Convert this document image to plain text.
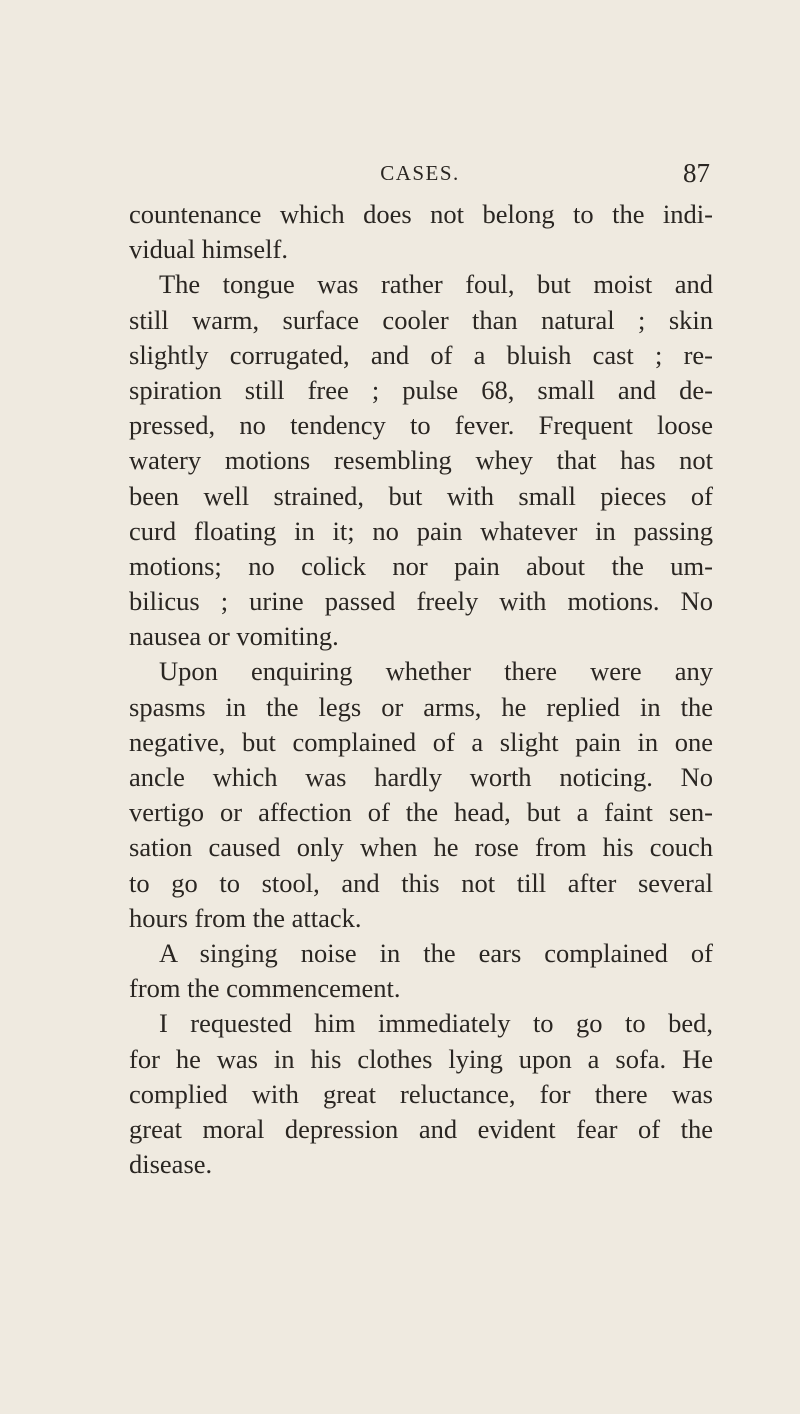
CASES.	87
countenance which does not belong to the indi-
vidual himself.
The tongue was rather foul, but moist and
still warm, surface cooler than natural ; skin
slightly corrugated, and of a bluish cast ; re-
spiration still free ; pulse 68, small and de-
pressed, no tendency to fever. Frequent loose
watery motions resembling whey that has not
been well strained, but with small pieces of
curd floating in it; no pain whatever in passing
motions; no colick nor pain about the um-
bilicus ; urine passed freely with motions. No
nausea or vomiting.
Upon enquiring whether there were any
spasms in the legs or arms, he replied in the
negative, but complained of a slight pain in one
ancle which was hardly worth noticing. No
vertigo or affection of the head, but a faint sen-
sation caused only when he rose from his couch
to go to stool, and this not till after several
hours from the attack.
A singing noise in the ears complained of
from the commencement.
I requested him immediately to go to bed,
for he was in his clothes lying upon a sofa. He
complied with great reluctance, for there was
great moral depression and evident fear of the
disease.
